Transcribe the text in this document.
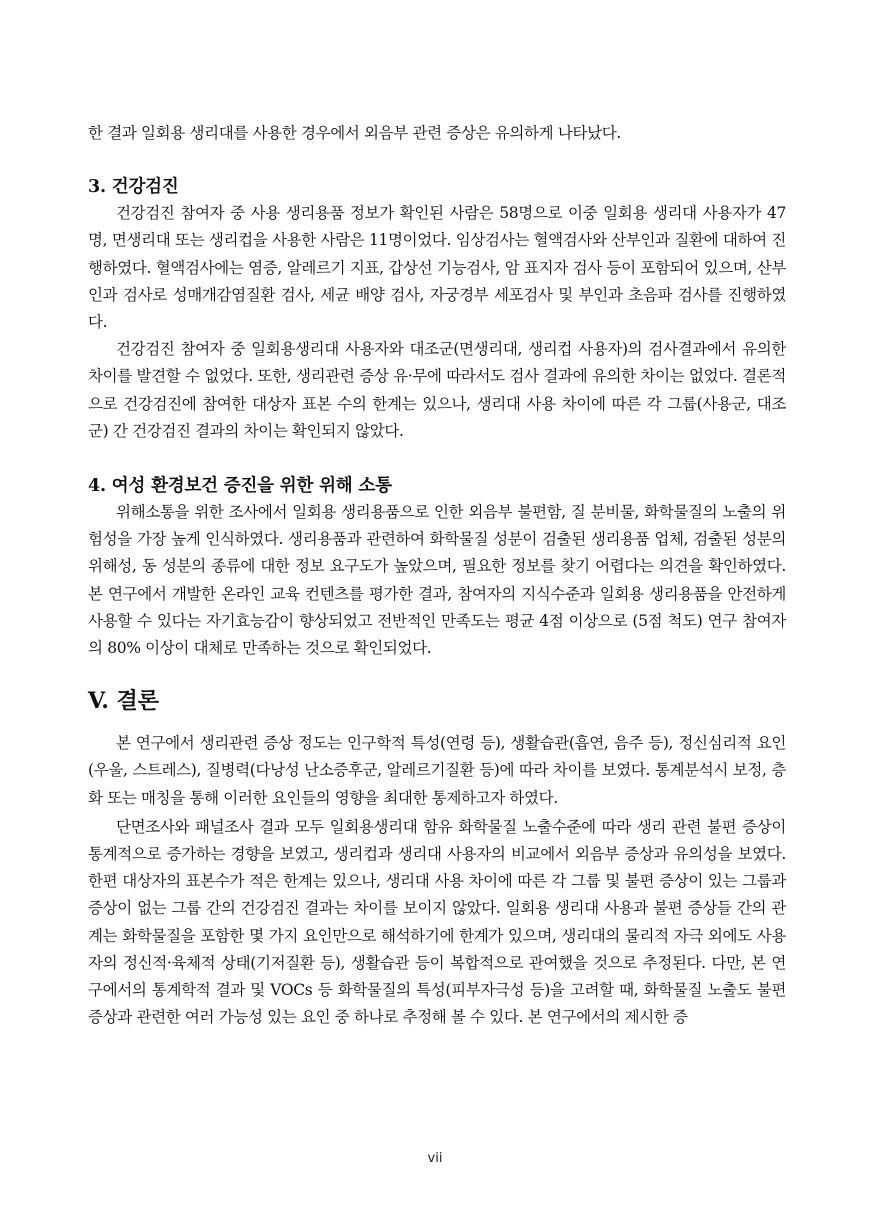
한 결과 일회용 생리대를 사용한 경우에서 외음부 관련 증상은 유의하게 나타났다.

3. 건강검진

건강검진 참여자 중 사용 생리용품 정보가 확인된 사람은 58명으로 이중 일회용 생리대 사용자가 47명, 면생리대 또는 생리컵을 사용한 사람은 11명이었다. 임상검사는 혈액검사와 산부인과 질환에 대하여 진행하였다. 혈액검사에는 염증, 알레르기 지표, 갑상선 기능검사, 암 표지자 검사 등이 포함되어 있으며, 산부인과 검사로 성매개감염질환 검사, 세균 배양 검사, 자궁경부 세포검사 및 부인과 초음파 검사를 진행하였다.

건강검진 참여자 중 일회용생리대 사용자와 대조군(면생리대, 생리컵 사용자)의 검사결과에서 유의한 차이를 발견할 수 없었다. 또한, 생리관련 증상 유·무에 따라서도 검사 결과에 유의한 차이는 없었다. 결론적으로 건강검진에 참여한 대상자 표본 수의 한계는 있으나, 생리대 사용 차이에 따른 각 그룹(사용군, 대조군) 간 건강검진 결과의 차이는 확인되지 않았다.

4. 여성 환경보건 증진을 위한 위해 소통

위해소통을 위한 조사에서 일회용 생리용품으로 인한 외음부 불편함, 질 분비물, 화학물질의 노출의 위험성을 가장 높게 인식하였다. 생리용품과 관련하여 화학물질 성분이 검출된 생리용품 업체, 검출된 성분의 위해성, 동 성분의 종류에 대한 정보 요구도가 높았으며, 필요한 정보를 찾기 어렵다는 의견을 확인하였다. 본 연구에서 개발한 온라인 교육 컨텐츠를 평가한 결과, 참여자의 지식수준과 일회용 생리용품을 안전하게 사용할 수 있다는 자기효능감이 향상되었고 전반적인 만족도는 평균 4점 이상으로 (5점 척도) 연구 참여자의 80% 이상이 대체로 만족하는 것으로 확인되었다.

V. 결론

본 연구에서 생리관련 증상 정도는 인구학적 특성(연령 등), 생활습관(흡연, 음주 등), 정신심리적 요인(우울, 스트레스), 질병력(다낭성 난소증후군, 알레르기질환 등)에 따라 차이를 보였다. 통계분석시 보정, 층화 또는 매칭을 통해 이러한 요인들의 영향을 최대한 통제하고자 하였다.

단면조사와 패널조사 결과 모두 일회용생리대 함유 화학물질 노출수준에 따라 생리 관련 불편 증상이 통계적으로 증가하는 경향을 보였고, 생리컵과 생리대 사용자의 비교에서 외음부 증상과 유의성을 보였다. 한편 대상자의 표본수가 적은 한계는 있으나, 생리대 사용 차이에 따른 각 그룹 및 불편 증상이 있는 그룹과 증상이 없는 그룹 간의 건강검진 결과는 차이를 보이지 않았다. 일회용 생리대 사용과 불편 증상들 간의 관계는 화학물질을 포함한 몇 가지 요인만으로 해석하기에 한계가 있으며, 생리대의 물리적 자극 외에도 사용자의 정신적·육체적 상태(기저질환 등), 생활습관 등이 복합적으로 관여했을 것으로 추정된다. 다만, 본 연구에서의 통계학적 결과 및 VOCs 등 화학물질의 특성(피부자극성 등)을 고려할 때, 화학물질 노출도 불편증상과 관련한 여러 가능성 있는 요인 중 하나로 추정해 볼 수 있다. 본 연구에서의 제시한 증

vii
